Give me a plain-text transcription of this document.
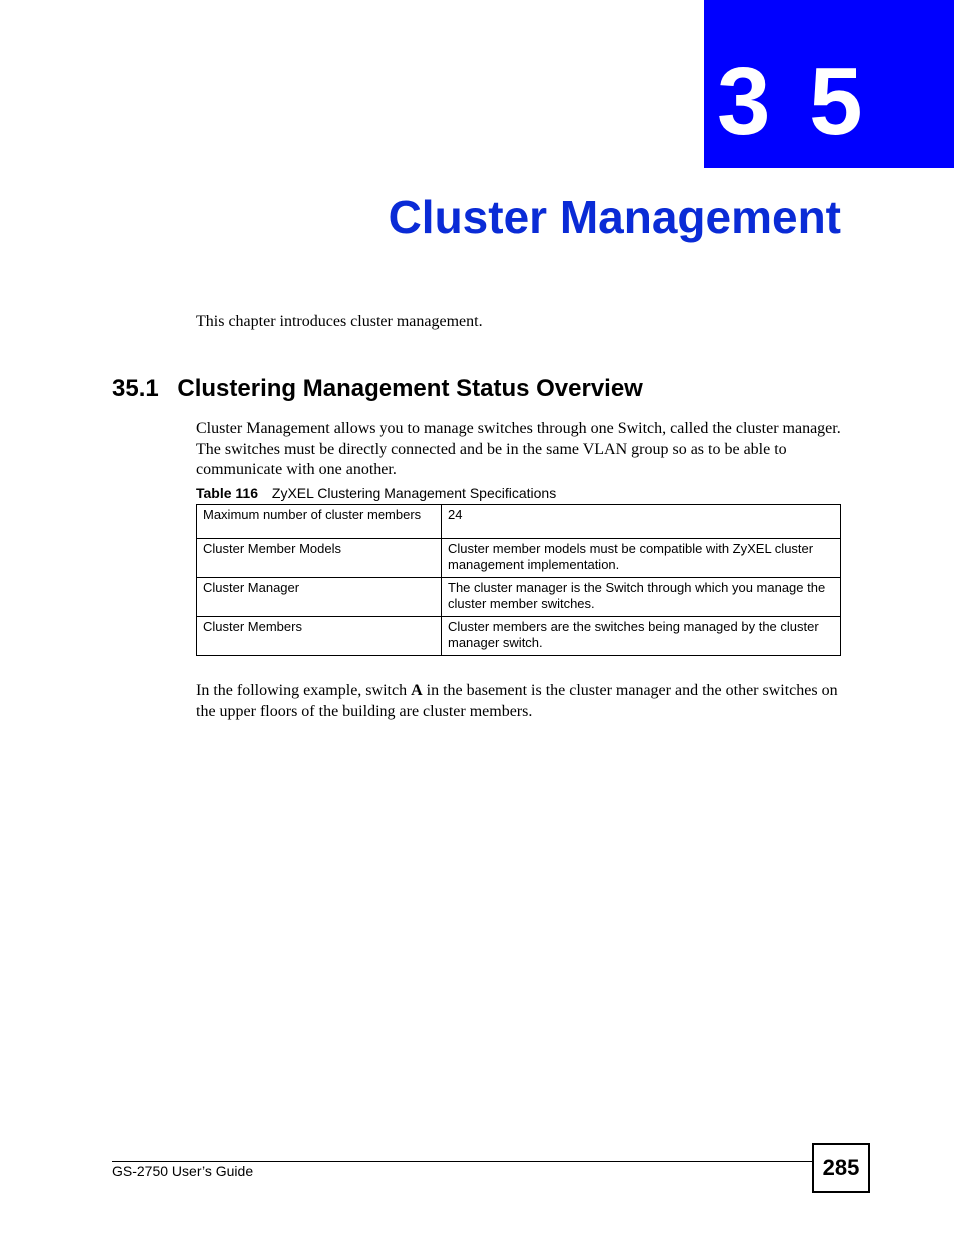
3 5
Cluster Management
This chapter introduces cluster management.
35.1 Clustering Management Status Overview
Cluster Management allows you to manage switches through one Switch, called the cluster manager. The switches must be directly connected and be in the same VLAN group so as to be able to communicate with one another.
Table 116 ZyXEL Clustering Management Specifications
Maximum number of cluster members	24
Cluster Member Models	Cluster member models must be compatible with ZyXEL cluster management implementation.
Cluster Manager	The cluster manager is the Switch through which you manage the cluster member switches.
Cluster Members	Cluster members are the switches being managed by the cluster manager switch.
In the following example, switch A in the basement is the cluster manager and the other switches on the upper floors of the building are cluster members.
GS-2750 User’s Guide	285
